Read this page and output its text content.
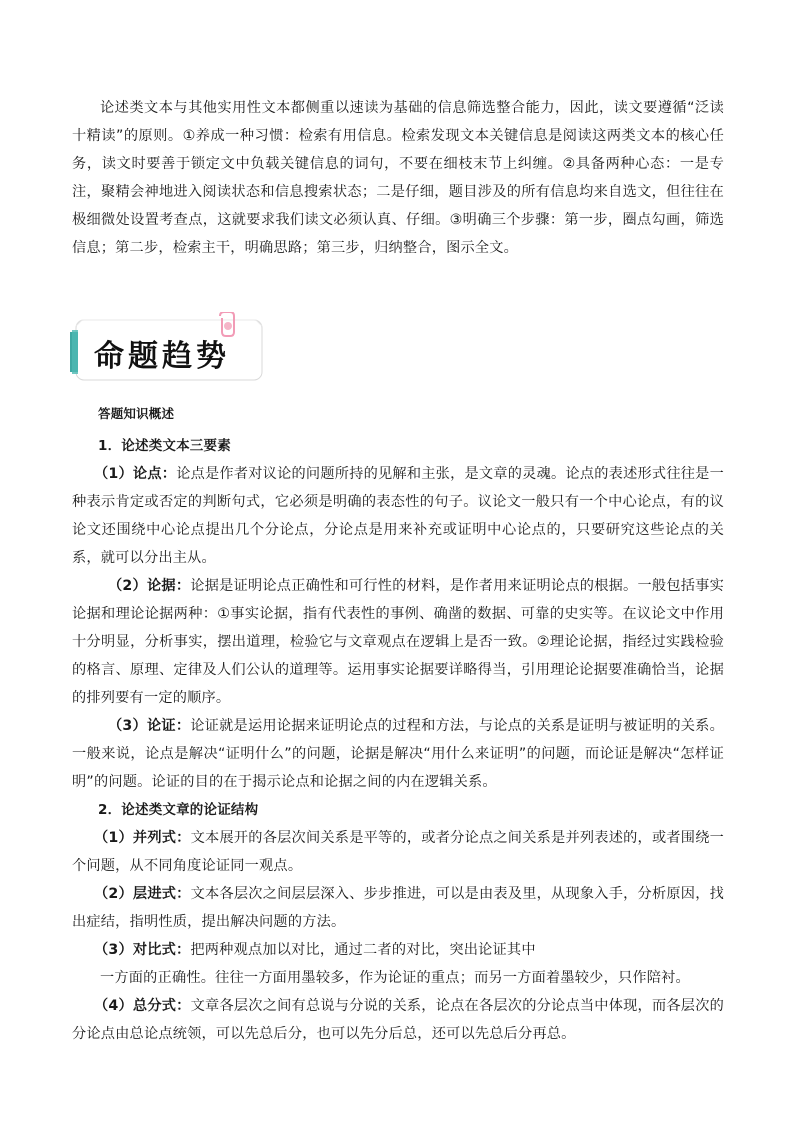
论述类文本与其他实用性文本都侧重以速读为基础的信息筛选整合能力，因此，读文要遵循“泛读十精读”的原则。①养成一种习惯：检索有用信息。检索发现文本关键信息是阅读这两类文本的核心任务，读文时要善于锁定文中负载关键信息的词句，不要在细枝末节上纠缠。②具备两种心态：一是专注，聚精会神地进入阅读状态和信息搜索状态；二是仔细，题目涉及的所有信息均来自选文，但往往在极细微处设置考查点，这就要求我们读文必须认真、仔细。③明确三个步骤：第一步，圈点勾画，筛选信息；第二步，检索主干，明确思路；第三步，归纳整合，图示全文。

命题趋势

答题知识概述

1．论述类文本三要素

（1）论点：论点是作者对议论的问题所持的见解和主张，是文章的灵魂。论点的表述形式往往是一种表示肯定或否定的判断句式，它必须是明确的表态性的句子。议论文一般只有一个中心论点，有的议论文还围绕中心论点提出几个分论点，分论点是用来补充或证明中心论点的，只要研究这些论点的关系，就可以分出主从。

（2）论据：论据是证明论点正确性和可行性的材料，是作者用来证明论点的根据。一般包括事实论据和理论论据两种：①事实论据，指有代表性的事例、确凿的数据、可靠的史实等。在议论文中作用十分明显，分析事实，摆出道理，检验它与文章观点在逻辑上是否一致。②理论论据，指经过实践检验的格言、原理、定律及人们公认的道理等。运用事实论据要详略得当，引用理论论据要准确恰当，论据的排列要有一定的顺序。

（3）论证：论证就是运用论据来证明论点的过程和方法，与论点的关系是证明与被证明的关系。一般来说，论点是解决“证明什么”的问题，论据是解决“用什么来证明”的问题，而论证是解决“怎样证明”的问题。论证的目的在于揭示论点和论据之间的内在逻辑关系。

2．论述类文章的论证结构

（1）并列式：文本展开的各层次间关系是平等的，或者分论点之间关系是并列表述的，或者围绕一个问题，从不同角度论证同一观点。

（2）层进式：文本各层次之间层层深入、步步推进，可以是由表及里，从现象入手，分析原因，找出症结，指明性质，提出解决问题的方法。

（3）对比式：把两种观点加以对比，通过二者的对比，突出论证其中

一方面的正确性。往往一方面用墨较多，作为论证的重点；而另一方面着墨较少，只作陪衬。

（4）总分式：文章各层次之间有总说与分说的关系，论点在各层次的分论点当中体现，而各层次的分论点由总论点统领，可以先总后分，也可以先分后总，还可以先总后分再总。
